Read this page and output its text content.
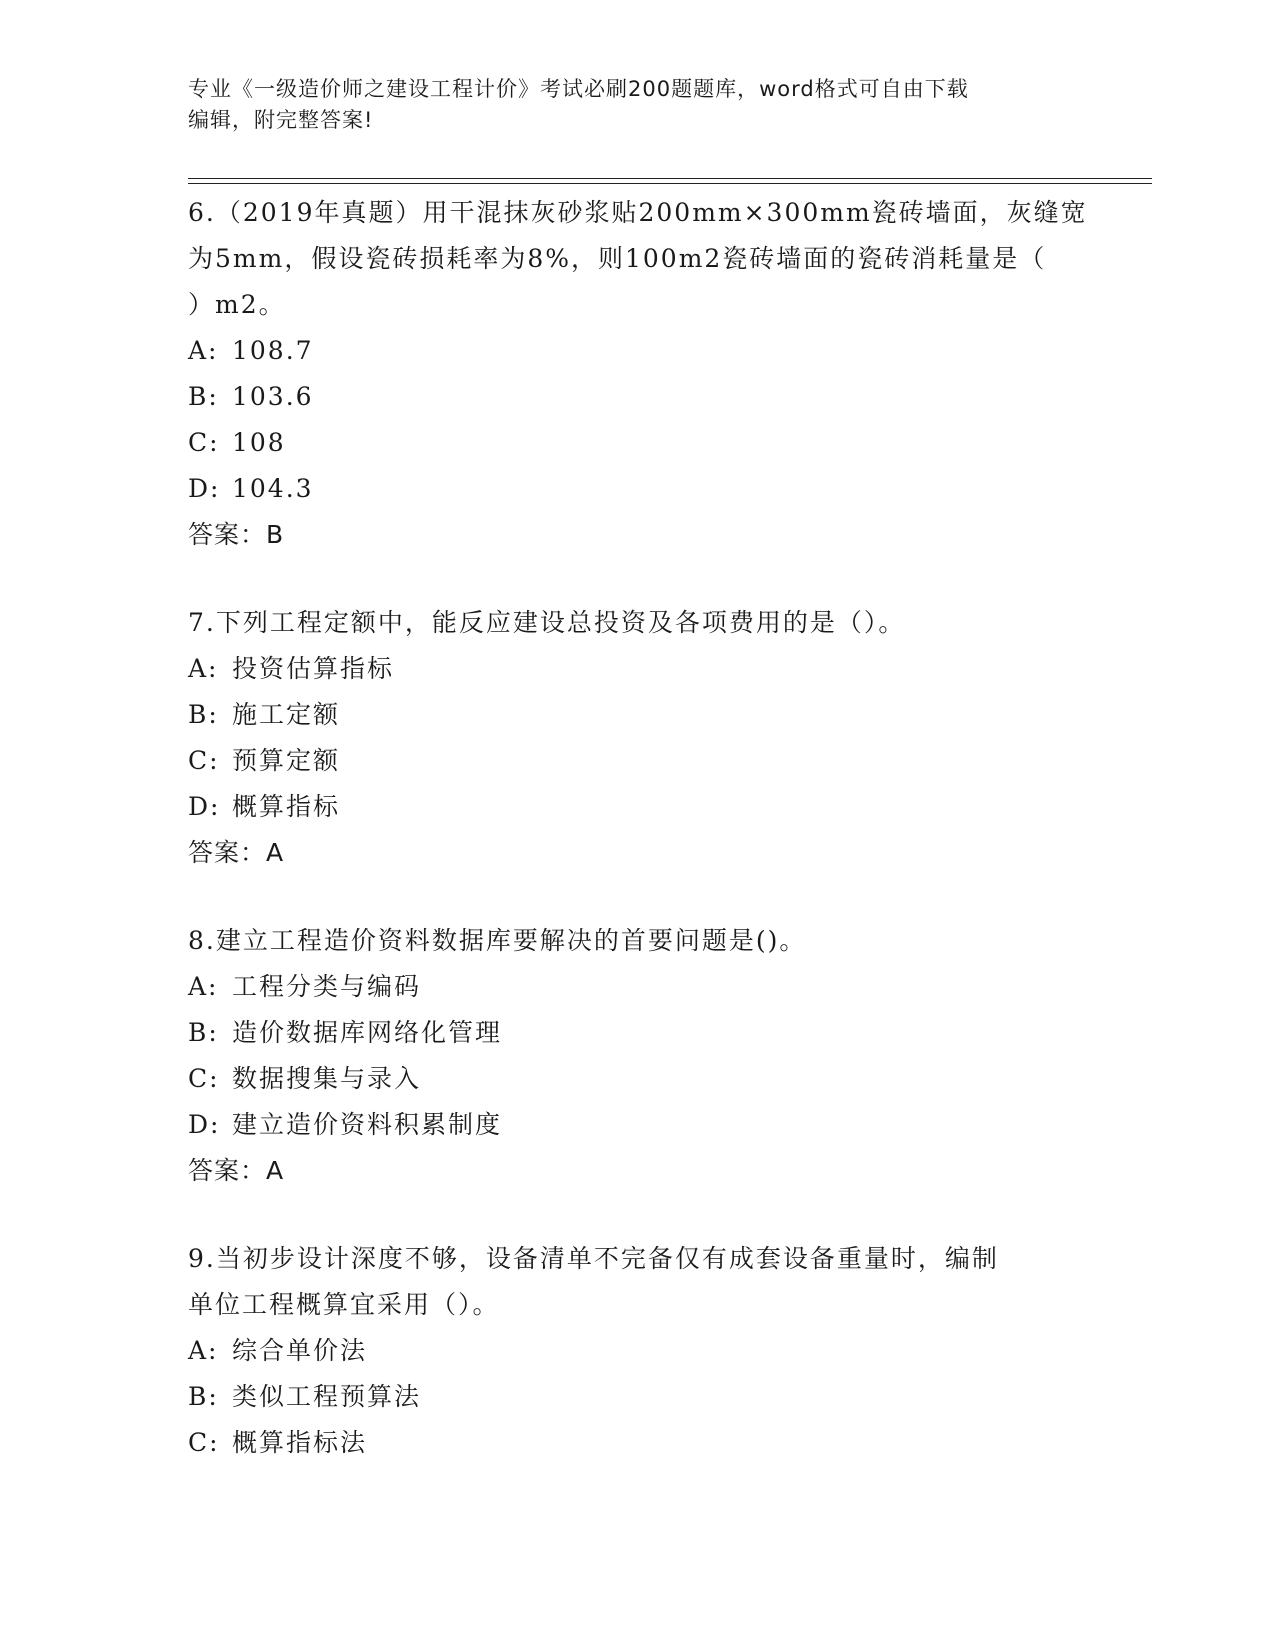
专业《一级造价师之建设工程计价》考试必刷200题题库，word格式可自由下载
编辑，附完整答案!
6.（2019年真题）用干混抹灰砂浆贴200mm×300mm瓷砖墙面，灰缝宽
为5mm，假设瓷砖损耗率为8%，则100m2瓷砖墙面的瓷砖消耗量是（
）m2。
A: 108.7
B: 103.6
C: 108
D: 104.3
答案：B
7.下列工程定额中，能反应建设总投资及各项费用的是（）。
A: 投资估算指标
B: 施工定额
C: 预算定额
D: 概算指标
答案：A
8.建立工程造价资料数据库要解决的首要问题是()。
A: 工程分类与编码
B: 造价数据库网络化管理
C: 数据搜集与录入
D: 建立造价资料积累制度
答案：A
9.当初步设计深度不够，设备清单不完备仅有成套设备重量时，编制
单位工程概算宜采用（）。
A: 综合单价法
B: 类似工程预算法
C: 概算指标法
